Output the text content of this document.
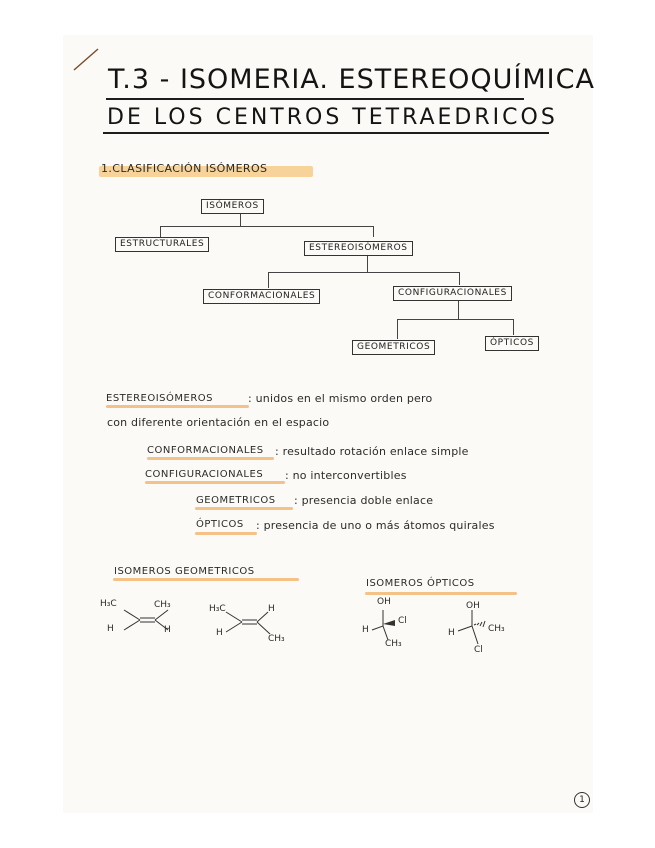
T.3 - ISOMERIA. ESTEREOQUÍMICA
DE LOS CENTROS TETRAEDRICOS
1.CLASIFICACIÓN ISÓMEROS
ISÓMEROS
ESTRUCTURALES	ESTEREOISÓMEROS
CONFORMACIONALES	CONFIGURACIONALES
GEOMETRICOS	ÓPTICOS
ESTEREOISÓMEROS	: unidos en el mismo orden pero
con diferente orientación en el espacio
CONFORMACIONALES : resultado rotación enlace simple
CONFIGURACIONALES : no interconvertibles
GEOMETRICOS : presencia doble enlace
ÓPTICOS : presencia de uno o más átomos quirales
ISOMEROS GEOMETRICOS
ISOMEROS ÓPTICOS
H₃C	CH₃
H	H
H₃C	H
H
CH₃
OH
H
Cl
CH₃
OH
H	CH₃
Cl
1
